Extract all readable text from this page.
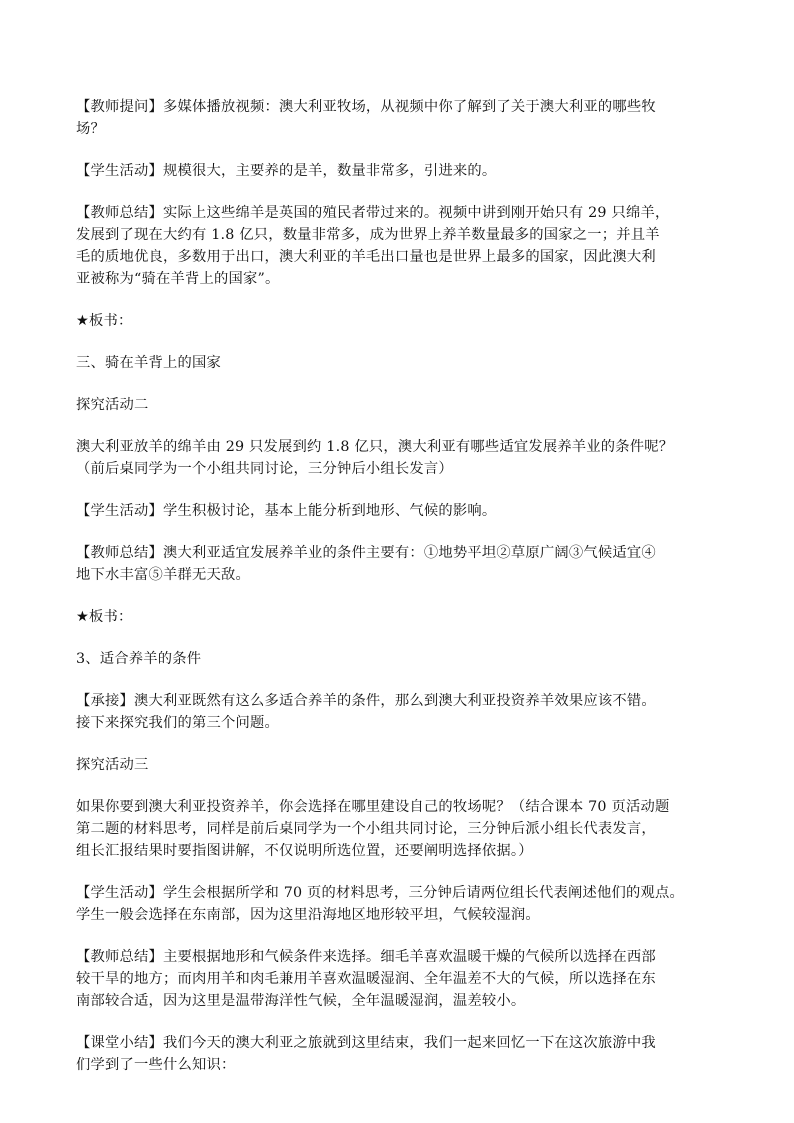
【教师提问】多媒体播放视频：澳大利亚牧场，从视频中你了解到了关于澳大利亚的哪些牧
场？

【学生活动】规模很大，主要养的是羊，数量非常多，引进来的。

【教师总结】实际上这些绵羊是英国的殖民者带过来的。视频中讲到刚开始只有 29 只绵羊，
发展到了现在大约有 1.8 亿只，数量非常多，成为世界上养羊数量最多的国家之一；并且羊
毛的质地优良，多数用于出口，澳大利亚的羊毛出口量也是世界上最多的国家，因此澳大利
亚被称为“骑在羊背上的国家”。

★板书：

三、骑在羊背上的国家

探究活动二

澳大利亚放羊的绵羊由 29 只发展到约 1.8 亿只，澳大利亚有哪些适宜发展养羊业的条件呢？
（前后桌同学为一个小组共同讨论，三分钟后小组长发言）

【学生活动】学生积极讨论，基本上能分析到地形、气候的影响。

【教师总结】澳大利亚适宜发展养羊业的条件主要有：①地势平坦②草原广阔③气候适宜④
地下水丰富⑤羊群无天敌。

★板书：

3、适合养羊的条件

【承接】澳大利亚既然有这么多适合养羊的条件，那么到澳大利亚投资养羊效果应该不错。
接下来探究我们的第三个问题。

探究活动三

如果你要到澳大利亚投资养羊，你会选择在哪里建设自己的牧场呢？（结合课本 70 页活动题
第二题的材料思考，同样是前后桌同学为一个小组共同讨论，三分钟后派小组长代表发言，
组长汇报结果时要指图讲解，不仅说明所选位置，还要阐明选择依据。）

【学生活动】学生会根据所学和 70 页的材料思考，三分钟后请两位组长代表阐述他们的观点。
学生一般会选择在东南部，因为这里沿海地区地形较平坦，气候较湿润。

【教师总结】主要根据地形和气候条件来选择。细毛羊喜欢温暖干燥的气候所以选择在西部
较干旱的地方；而肉用羊和肉毛兼用羊喜欢温暖湿润、全年温差不大的气候，所以选择在东
南部较合适，因为这里是温带海洋性气候，全年温暖湿润，温差较小。

【课堂小结】我们今天的澳大利亚之旅就到这里结束，我们一起来回忆一下在这次旅游中我
们学到了一些什么知识：
